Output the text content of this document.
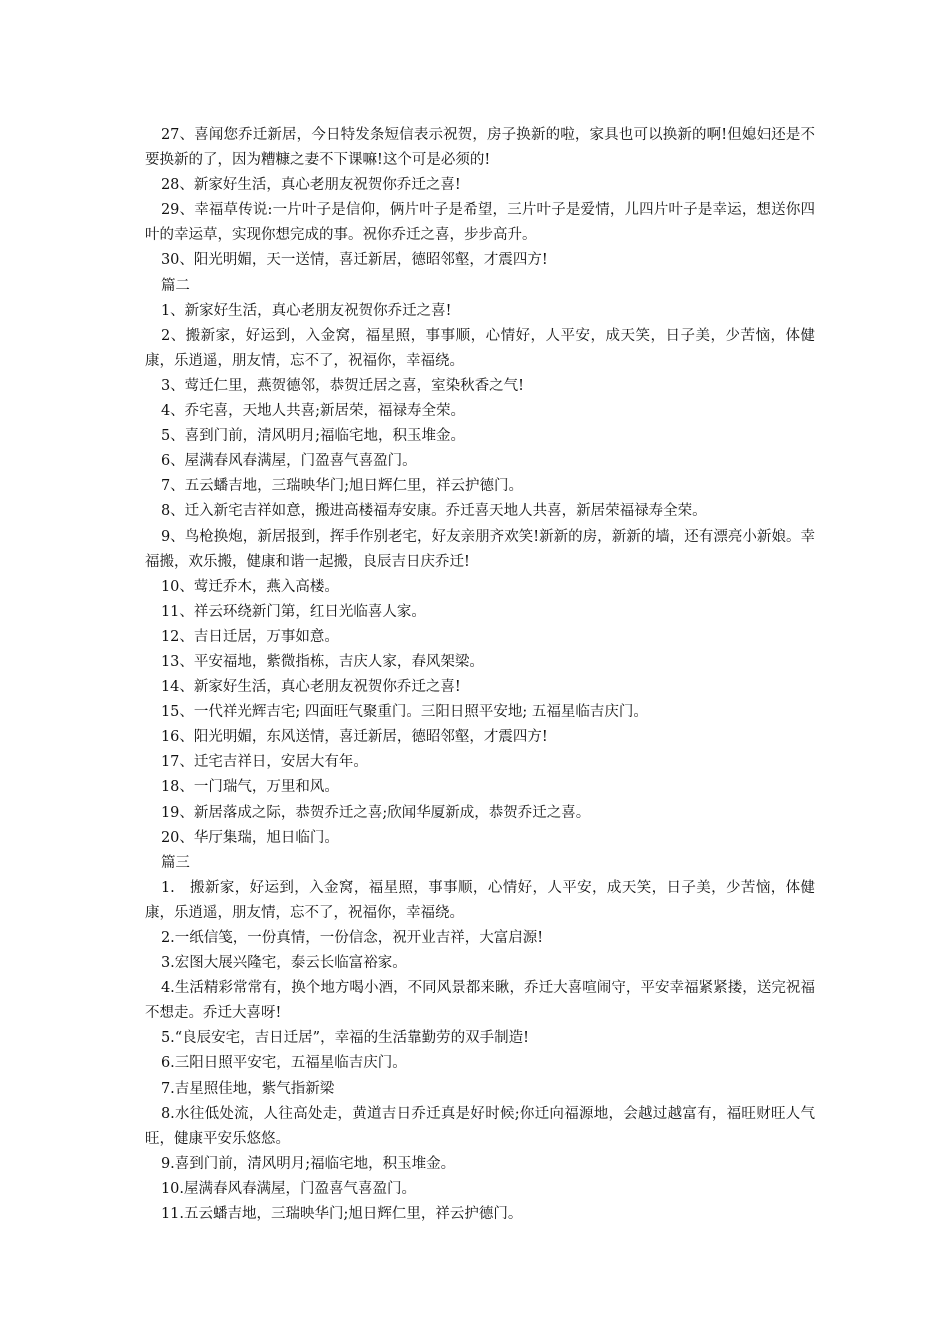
27、喜闻您乔迁新居，今日特发条短信表示祝贺，房子换新的啦，家具也可以换新的啊!但媳妇还是不要换新的了，因为糟糠之妻不下课嘛!这个可是必须的!

28、新家好生活，真心老朋友祝贺你乔迁之喜!

29、幸福草传说:一片叶子是信仰，俩片叶子是希望，三片叶子是爱情，儿四片叶子是幸运，想送你四叶的幸运草，实现你想完成的事。祝你乔迁之喜，步步高升。

30、阳光明媚，天一送情，喜迁新居，德昭邻壑，才震四方!

篇二

1、新家好生活，真心老朋友祝贺你乔迁之喜!

2、搬新家，好运到，入金窝，福星照，事事顺，心情好，人平安，成天笑，日子美，少苦恼，体健康，乐逍遥，朋友情，忘不了，祝福你，幸福绕。

3、莺迁仁里，燕贺德邻，恭贺迁居之喜，室染秋香之气!

4、乔宅喜，天地人共喜;新居荣，福禄寿全荣。

5、喜到门前，清风明月;福临宅地，积玉堆金。

6、屋满春风春满屋，门盈喜气喜盈门。

7、五云蟠吉地，三瑞映华门;旭日辉仁里，祥云护德门。

8、迁入新宅吉祥如意，搬进高楼福寿安康。乔迁喜天地人共喜，新居荣福禄寿全荣。

9、鸟枪换炮，新居报到，挥手作别老宅，好友亲朋齐欢笑!新新的房，新新的墙，还有漂亮小新娘。幸福搬，欢乐搬，健康和谐一起搬，良辰吉日庆乔迁!

10、莺迁乔木，燕入高楼。

11、祥云环绕新门第，红日光临喜人家。

12、吉日迁居，万事如意。

13、平安福地，紫微指栋，吉庆人家，春风架梁。

14、新家好生活，真心老朋友祝贺你乔迁之喜!

15、一代祥光辉吉宅; 四面旺气聚重门。三阳日照平安地; 五福星临吉庆门。

16、阳光明媚，东风送情，喜迁新居，德昭邻壑，才震四方!

17、迁宅吉祥日，安居大有年。

18、一门瑞气，万里和风。

19、新居落成之际，恭贺乔迁之喜;欣闻华厦新成，恭贺乔迁之喜。

20、华厅集瑞，旭日临门。

篇三

1.　搬新家，好运到，入金窝，福星照，事事顺，心情好，人平安，成天笑，日子美，少苦恼，体健康，乐逍遥，朋友情，忘不了，祝福你，幸福绕。

2.一纸信笺，一份真情，一份信念，祝开业吉祥，大富启源!

3.宏图大展兴隆宅，泰云长临富裕家。

4.生活精彩常常有，换个地方喝小酒，不同风景都来瞅，乔迁大喜喧闹守，平安幸福紧紧搂，送完祝福不想走。乔迁大喜呀!

5.“良辰安宅，吉日迁居”，幸福的生活靠勤劳的双手制造!

6.三阳日照平安宅，五福星临吉庆门。

7.吉星照佳地，紫气指新梁

8.水往低处流，人往高处走，黄道吉日乔迁真是好时候;你迁向福源地，会越过越富有，福旺财旺人气旺，健康平安乐悠悠。

9.喜到门前，清风明月;福临宅地，积玉堆金。

10.屋满春风春满屋，门盈喜气喜盈门。

11.五云蟠吉地，三瑞映华门;旭日辉仁里，祥云护德门。
